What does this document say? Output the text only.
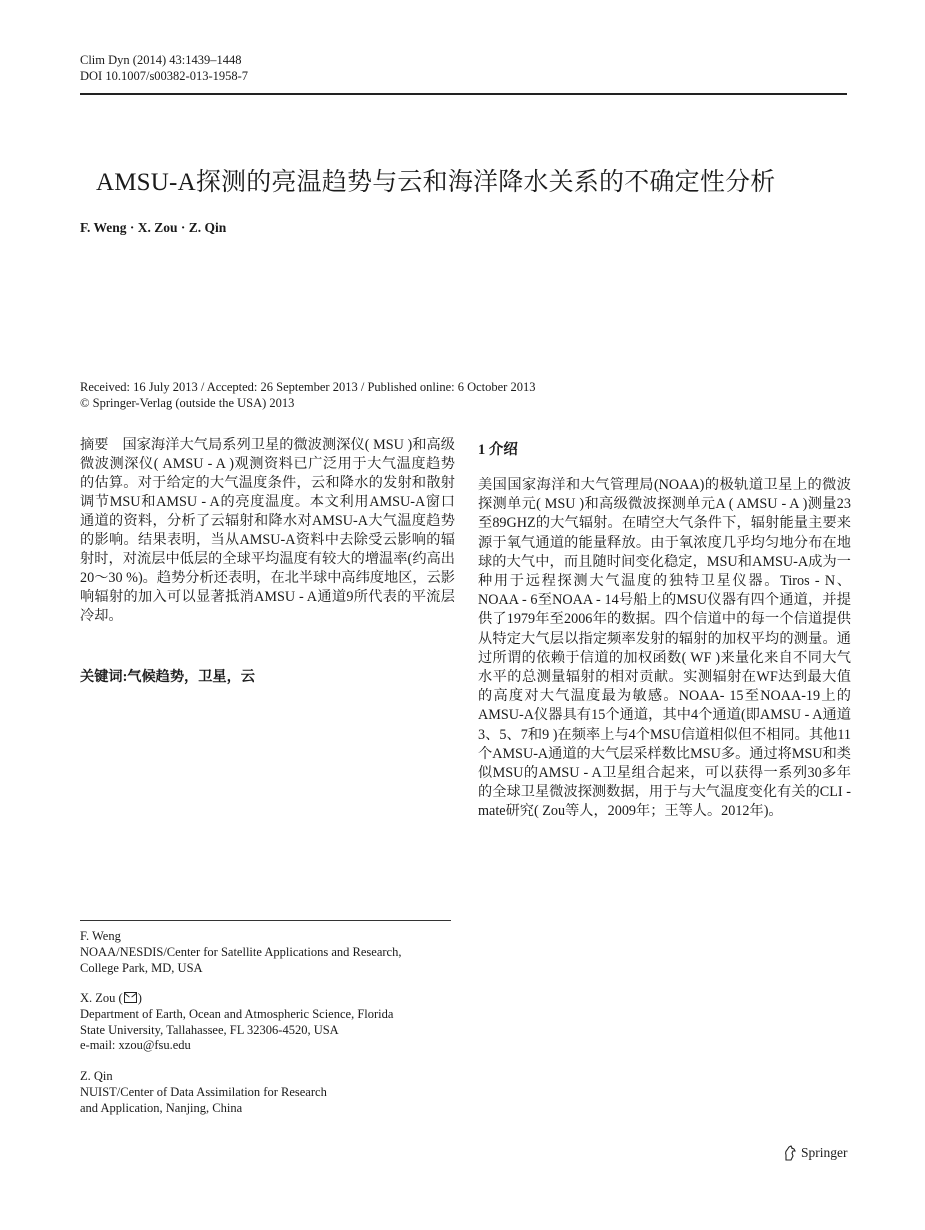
Clim Dyn (2014) 43:1439–1448
DOI 10.1007/s00382-013-1958-7
AMSU-A探测的亮温趋势与云和海洋降水关系的不确定性分析
F. Weng · X. Zou · Z. Qin
Received: 16 July 2013 / Accepted: 26 September 2013 / Published online: 6 October 2013
© Springer-Verlag (outside the USA) 2013
摘要 国家海洋大气局系列卫星的微波测深仪( MSU )和高级微波测深仪( AMSU - A )观测资料已广泛用于大气温度趋势的估算。对于给定的大气温度条件，云和降水的发射和散射调节MSU和AMSU - A的亮度温度。本文利用AMSU-A窗口通道的资料，分析了云辐射和降水对AMSU-A大气温度趋势的影响。结果表明，当从AMSU-A资料中去除受云影响的辐射时，对流层中低层的全球平均温度有较大的增温率(约高出20～30 %)。趋势分析还表明，在北半球中高纬度地区，云影响辐射的加入可以显著抵消AMSU - A通道9所代表的平流层冷却。
关键词:气候趋势，卫星，云
1 介绍
美国国家海洋和大气管理局(NOAA)的极轨道卫星上的微波探测单元( MSU )和高级微波探测单元A ( AMSU - A )测量23至89GHZ的大气辐射。在晴空大气条件下，辐射能量主要来源于氧气通道的能量释放。由于氧浓度几乎均匀地分布在地球的大气中，而且随时间变化稳定，MSU和AMSU-A成为一种用于远程探测大气温度的独特卫星仪器。Tiros - N、NOAA - 6至NOAA - 14号船上的MSU仪器有四个通道，并提供了1979年至2006年的数据。四个信道中的每一个信道提供从特定大气层以指定频率发射的辐射的加权平均的测量。通过所谓的依赖于信道的加权函数( WF )来量化来自不同大气水平的总测量辐射的相对贡献。实测辐射在WF达到最大值的高度对大气温度最为敏感。NOAA- 15至NOAA-19上的AMSU-A仪器具有15个通道，其中4个通道(即AMSU - A通道3、5、7和9 )在频率上与4个MSU信道相似但不相同。其他11个AMSU-A通道的大气层采样数比MSU多。通过将MSU和类似MSU的AMSU - A卫星组合起来，可以获得一系列30多年的全球卫星微波探测数据，用于与大气温度变化有关的CLI - mate研究( Zou等人，2009年；王等人。2012年)。
F. Weng
NOAA/NESDIS/Center for Satellite Applications and Research,
College Park, MD, USA
X. Zou ( )
Department of Earth, Ocean and Atmospheric Science, Florida
State University, Tallahassee, FL 32306-4520, USA
e-mail: xzou@fsu.edu
Z. Qin
NUIST/Center of Data Assimilation for Research
and Application, Nanjing, China
Springer
